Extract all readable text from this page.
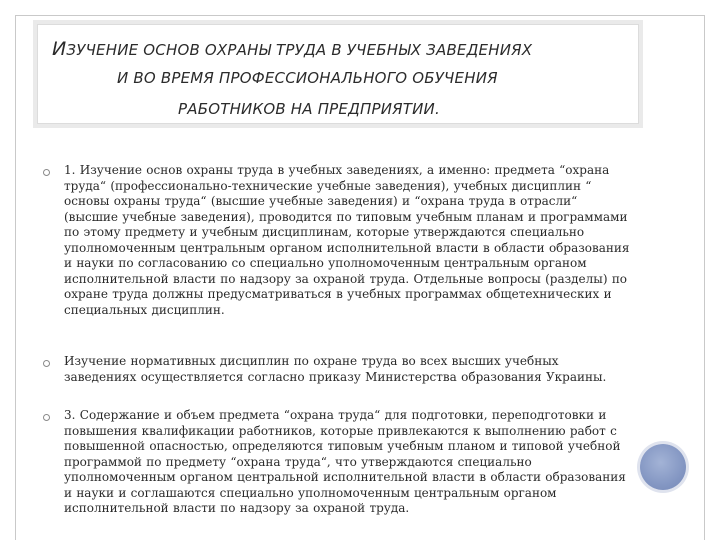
ИЗУЧЕНИЕ ОСНОВ ОХРАНЫ ТРУДА В УЧЕБНЫХ ЗАВЕДЕНИЯХ
И ВО ВРЕМЯ ПРОФЕССИОНАЛЬНОГО ОБУЧЕНИЯ
РАБОТНИКОВ НА ПРЕДПРИЯТИИ.
1. Изучение основ охраны труда в учебных заведениях, а именно: предмета “охрана труда“ (профессионально-технические учебные заведения), учебных дисциплин “ основы охраны труда“ (высшие учебные заведения) и “охрана труда в отрасли“ (высшие учебные заведения), проводится по типовым учебным планам и программами по этому предмету и учебным дисциплинам, которые утверждаются специально уполномоченным центральным органом исполнительной власти в области образования и науки по согласованию со специально уполномоченным центральным органом исполнительной власти по надзору за охраной труда. Отдельные вопросы (разделы) по охране труда должны предусматриваться в учебных программах общетехнических и специальных дисциплин.
Изучение нормативных дисциплин по охране труда во всех высших учебных заведениях осуществляется согласно приказу Министерства образования Украины.
3. Содержание и объем предмета “охрана труда“ для подготовки, переподготовки и повышения квалификации работников, которые привлекаются к выполнению работ с повышенной опасностью, определяются типовым учебным планом и типовой учебной программой по предмету “охрана труда“, что утверждаются специально уполномоченным органом центральной исполнительной власти в области образования и науки и соглашаются специально уполномоченным центральным органом исполнительной власти по надзору за охраной труда.
